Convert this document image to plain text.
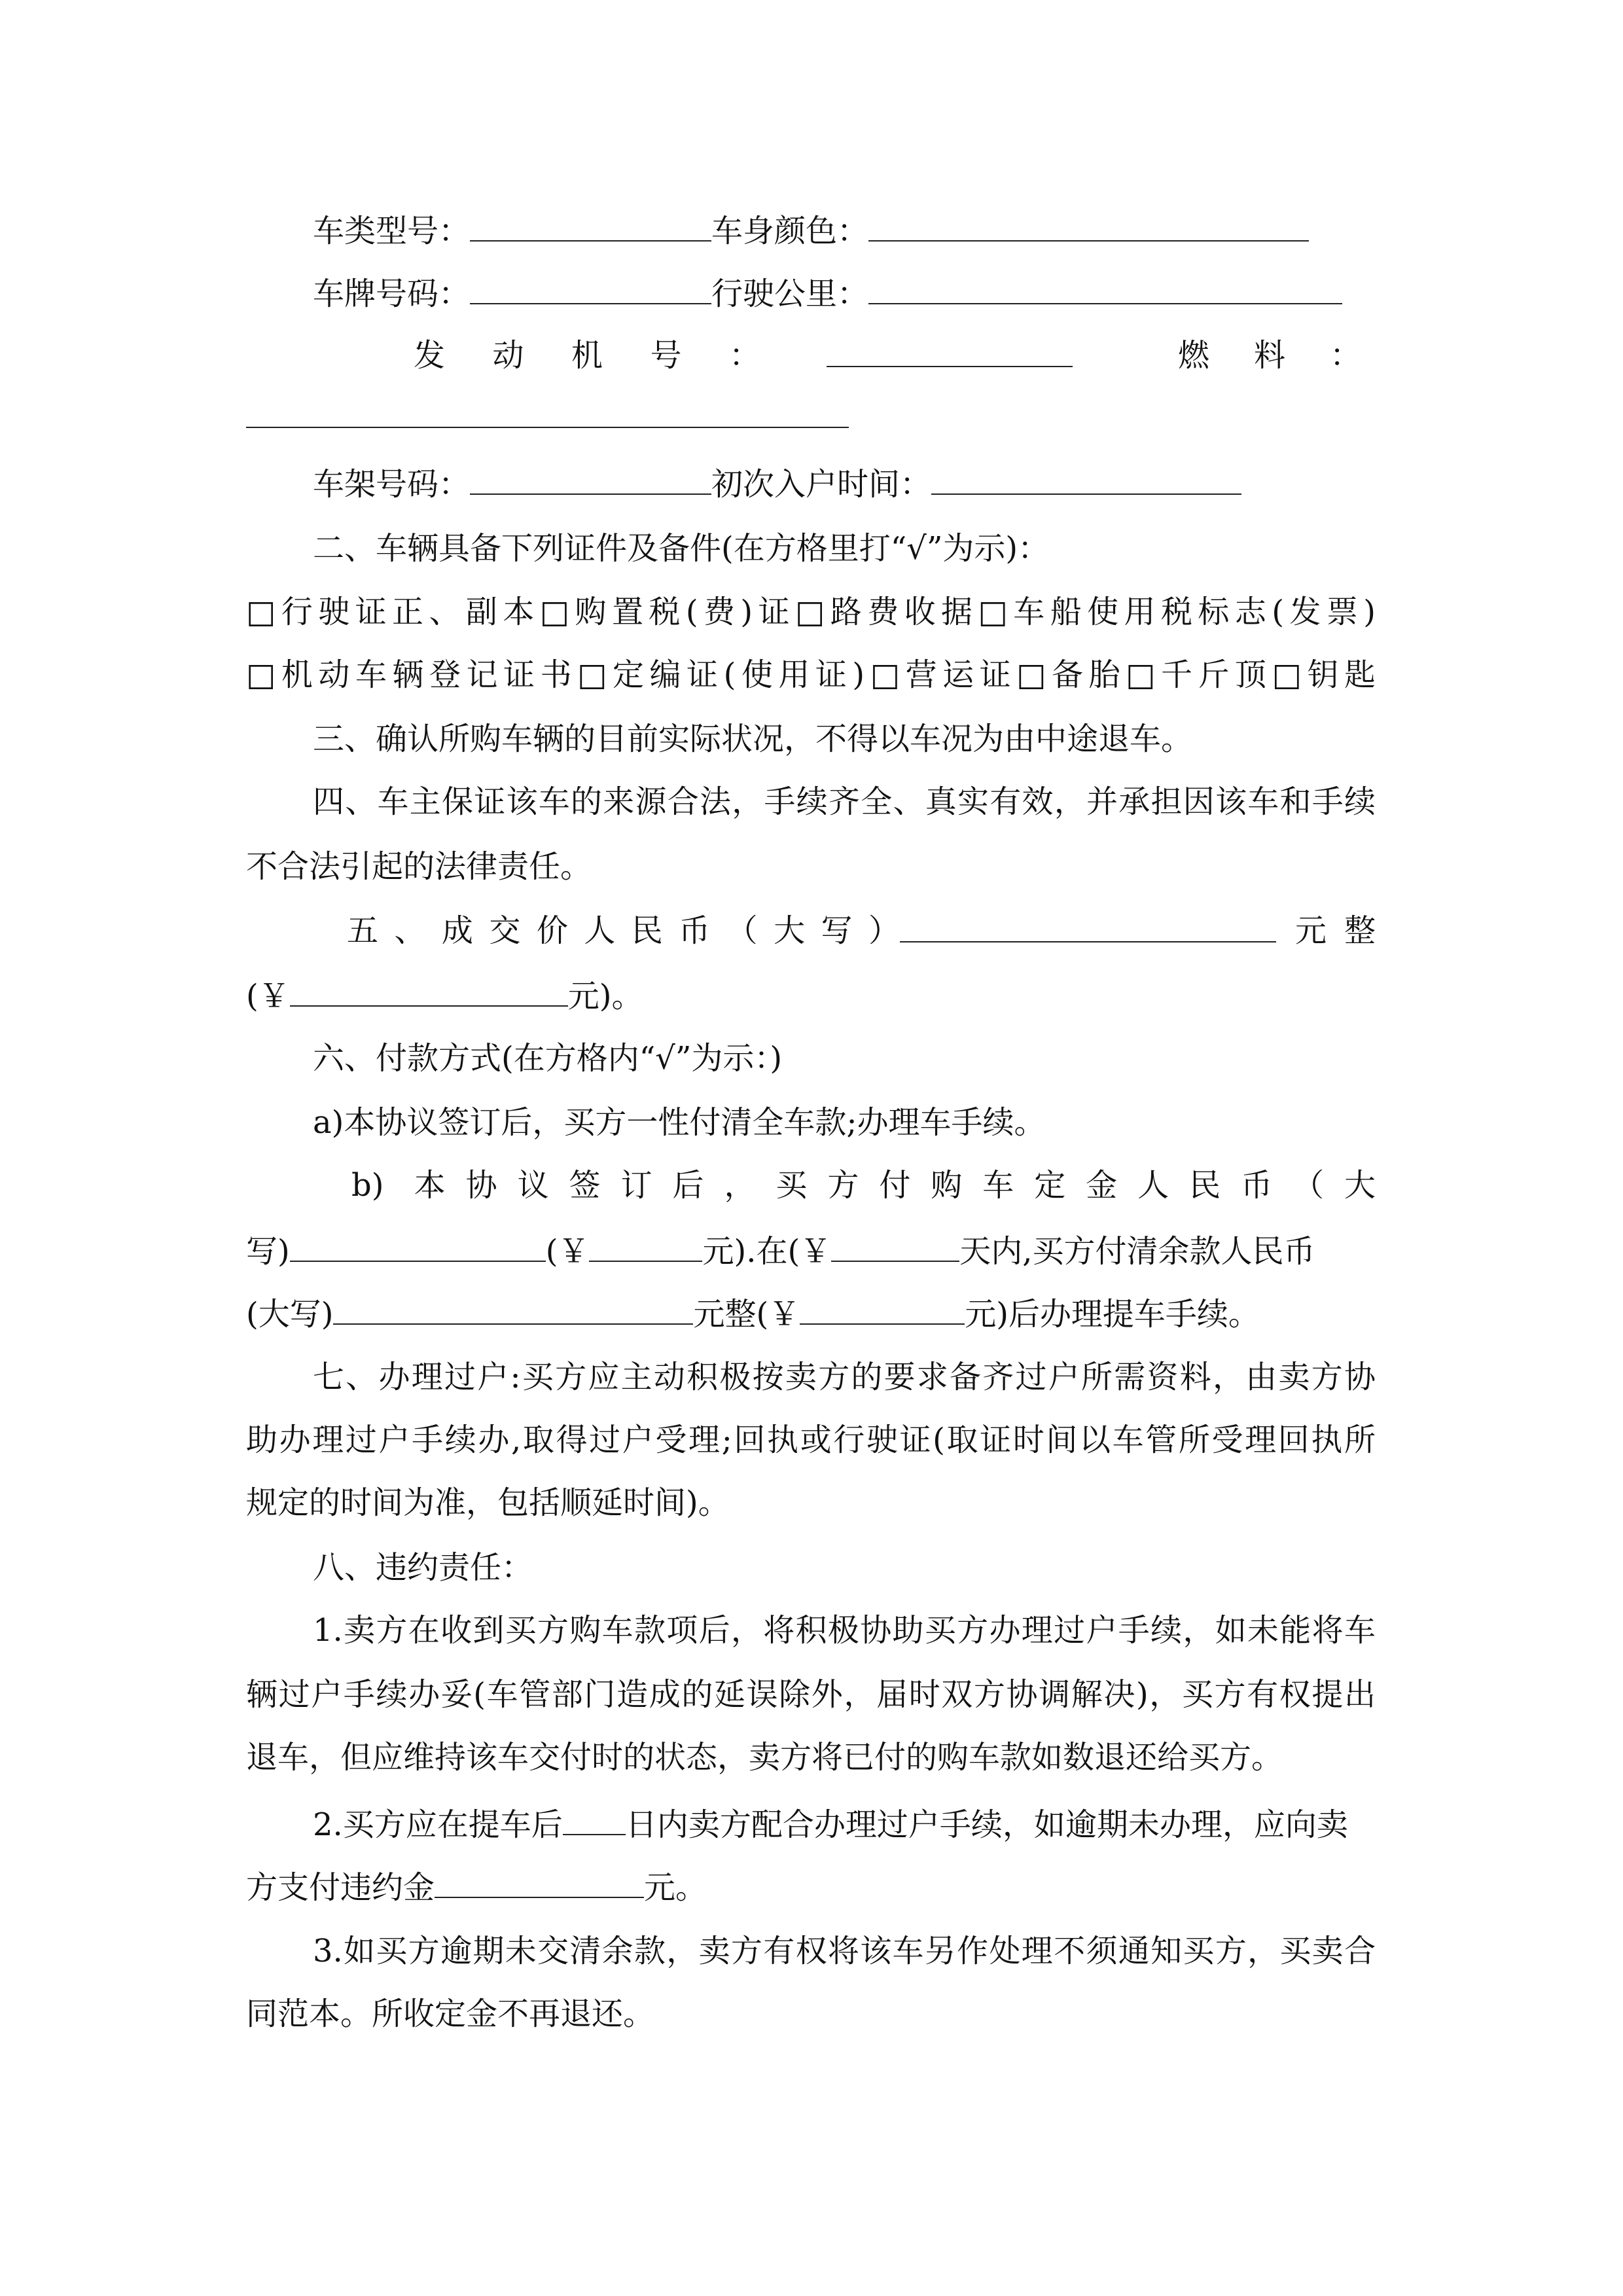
车类型号：	车身颜色：
车牌号码：	行驶公里：
发动机号：	燃料：
车架号码：	初次入户时间：
二、车辆具备下列证件及备件(在方格里打“√”为示)：
□行驶证正、副本□购置税(费)证□路费收据□车船使用税标志(发票)
□机动车辆登记证书□定编证(使用证)□营运证□备胎□千斤顶□钥匙
三、确认所购车辆的目前实际状况，不得以车况为由中途退车。
四、车主保证该车的来源合法，手续齐全、真实有效，并承担因该车和手续
不合法引起的法律责任。
五、成交价人民币（大写）	元整
(￥	元)。
六、付款方式(在方格内“√”为示：)
a)本协议签订后，买方一性付清全车款;办理车手续。
b) 本协议签订后，买方付购车定金人民币（大
写)	(￥	元).在(￥	天内,买方付清余款人民币
(大写)	元整(￥	元)后办理提车手续。
七、办理过户:买方应主动积极按卖方的要求备齐过户所需资料，由卖方协
助办理过户手续办,取得过户受理;回执或行驶证(取证时间以车管所受理回执所
规定的时间为准，包括顺延时间)。
八、违约责任：
1.卖方在收到买方购车款项后，将积极协助买方办理过户手续，如未能将车
辆过户手续办妥(车管部门造成的延误除外，届时双方协调解决)，买方有权提出
退车，但应维持该车交付时的状态，卖方将已付的购车款如数退还给买方。
2.买方应在提车后 日内卖方配合办理过户手续，如逾期未办理，应向卖
方支付违约金	元。
3.如买方逾期未交清余款，卖方有权将该车另作处理不须通知买方，买卖合
同范本。所收定金不再退还。
